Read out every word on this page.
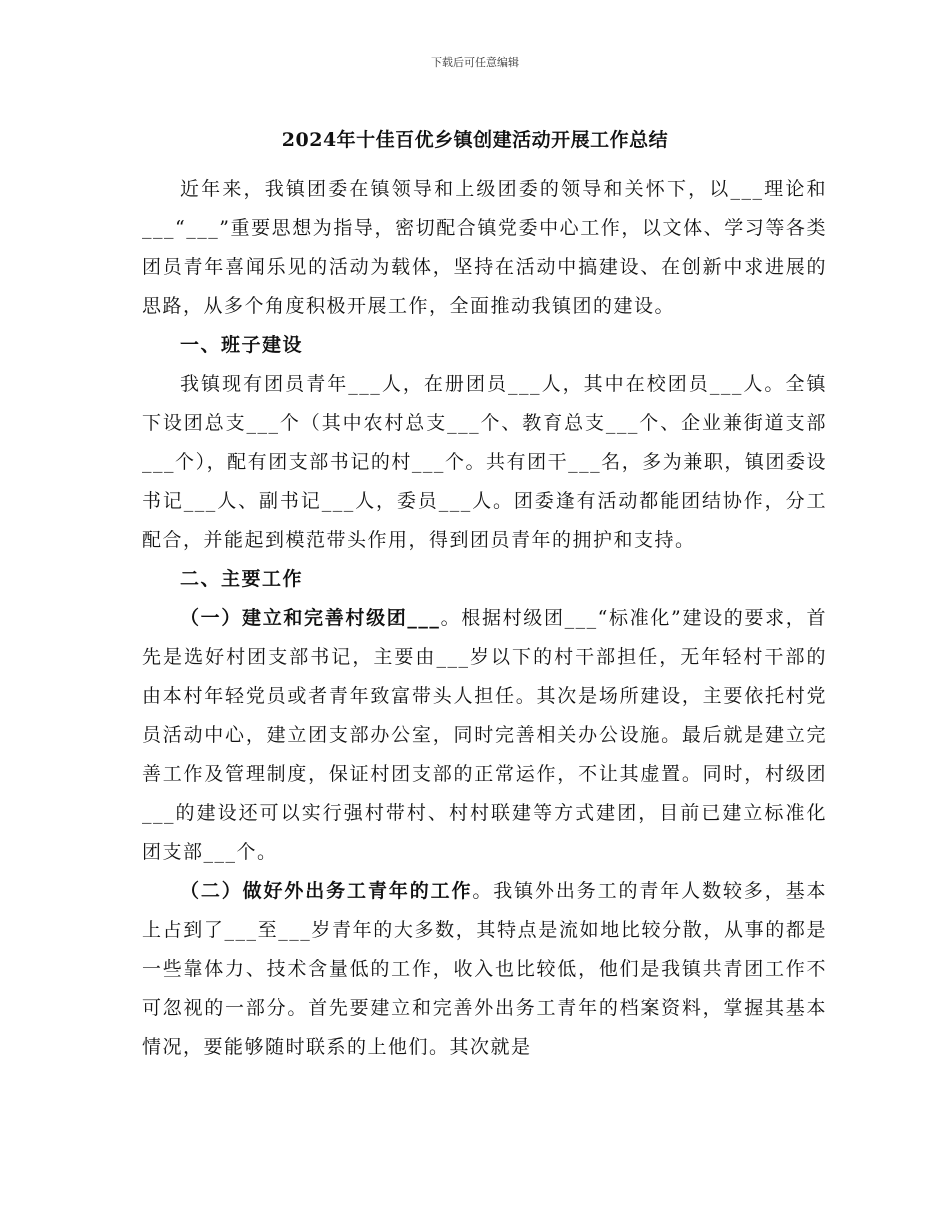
下载后可任意编辑
2024年十佳百优乡镇创建活动开展工作总结

近年来，我镇团委在镇领导和上级团委的领导和关怀下，以___理论和___“___”重要思想为指导，密切配合镇党委中心工作，以文体、学习等各类团员青年喜闻乐见的活动为载体，坚持在活动中搞建设、在创新中求进展的思路，从多个角度积极开展工作，全面推动我镇团的建设。

一、班子建设

我镇现有团员青年___人，在册团员___人，其中在校团员___人。全镇下设团总支___个（其中农村总支___个、教育总支___个、企业兼街道支部___个），配有团支部书记的村___个。共有团干___名，多为兼职，镇团委设书记___人、副书记___人，委员___人。团委逢有活动都能团结协作，分工配合，并能起到模范带头作用，得到团员青年的拥护和支持。

二、主要工作

（一）建立和完善村级团___。根据村级团___“标准化”建设的要求，首先是选好村团支部书记，主要由___岁以下的村干部担任，无年轻村干部的由本村年轻党员或者青年致富带头人担任。其次是场所建设，主要依托村党员活动中心，建立团支部办公室，同时完善相关办公设施。最后就是建立完善工作及管理制度，保证村团支部的正常运作，不让其虚置。同时，村级团___的建设还可以实行强村带村、村村联建等方式建团，目前已建立标准化团支部___个。

（二）做好外出务工青年的工作。我镇外出务工的青年人数较多，基本上占到了___至___岁青年的大多数，其特点是流如地比较分散，从事的都是一些靠体力、技术含量低的工作，收入也比较低，他们是我镇共青团工作不可忽视的一部分。首先要建立和完善外出务工青年的档案资料，掌握其基本情况，要能够随时联系的上他们。其次就是
